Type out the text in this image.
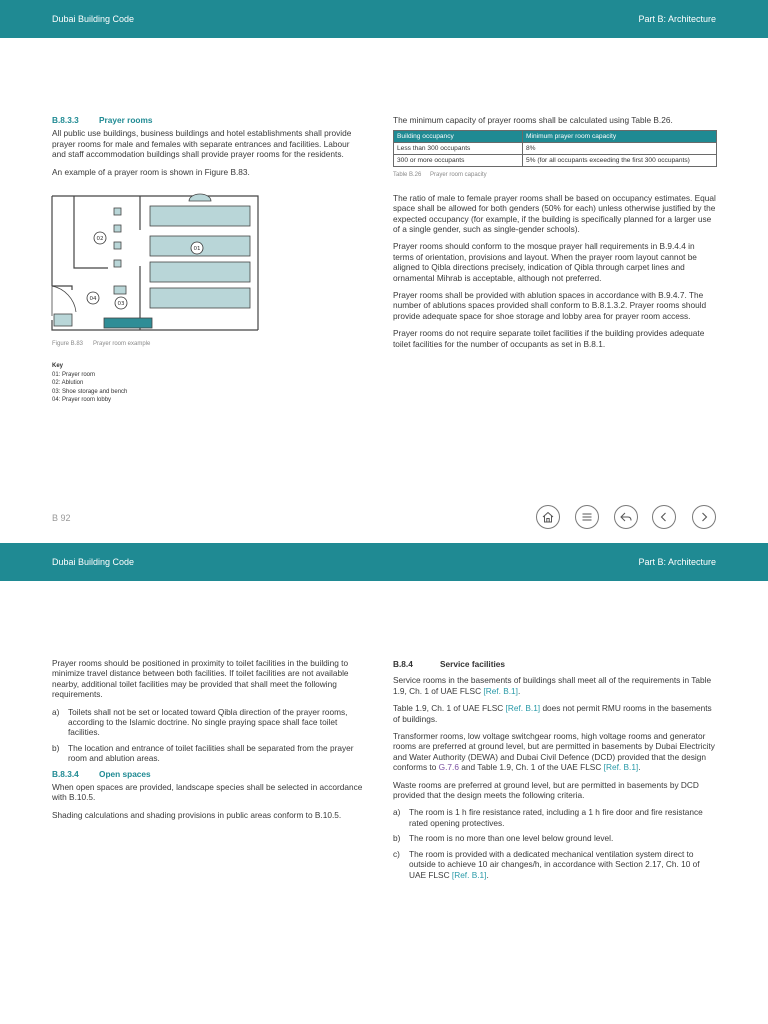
Dubai Building Code	Part B: Architecture
B.8.3.3 Prayer rooms

All public use buildings, business buildings and hotel establishments shall provide prayer rooms for male and females with separate entrances and facilities. Labour and staff accommodation buildings shall provide prayer rooms for the residents.

An example of a prayer room is shown in Figure B.83.

01
02
03
04
Figure B.83 Prayer room example
Key
01: Prayer room
02: Ablution
03: Shoe storage and bench
04: Prayer room lobby

The minimum capacity of prayer rooms shall be calculated using Table B.26.

Building occupancy	Minimum prayer room capacity
Less than 300 occupants	8%
300 or more occupants	5% (for all occupants exceeding the first 300 occupants)
Table B.26 Prayer room capacity

The ratio of male to female prayer rooms shall be based on occupancy estimates. Equal space shall be allowed for both genders (50% for each) unless otherwise justified by the expected occupancy (for example, if the building is specifically planned for a larger use of a single gender, such as single-gender schools).

Prayer rooms should conform to the mosque prayer hall requirements in B.9.4.4 in terms of orientation, provisions and layout. When the prayer room layout cannot be aligned to Qibla directions precisely, indication of Qibla through carpet lines and ornamental Mihrab is acceptable, although not preferred.

Prayer rooms shall be provided with ablution spaces in accordance with B.9.4.7. The number of ablutions spaces provided shall conform to B.8.1.3.2. Prayer rooms should provide adequate space for shoe storage and lobby area for prayer room access.

Prayer rooms do not require separate toilet facilities if the building provides adequate toilet facilities for the number of occupants as set in B.8.1.

B 92
Dubai Building Code	Part B: Architecture

Prayer rooms should be positioned in proximity to toilet facilities in the building to minimize travel distance between both facilities. If toilet facilities are not available nearby, additional toilet facilities may be provided that shall meet the following requirements.

a) Toilets shall not be set or located toward Qibla direction of the prayer rooms, according to the Islamic doctrine. No single praying space shall face toilet facilities.
b) The location and entrance of toilet facilities shall be separated from the prayer room and ablution areas.
B.8.3.4 Open spaces

When open spaces are provided, landscape species shall be selected in accordance with B.10.5.

Shading calculations and shading provisions in public areas conform to B.10.5.

B.8.4	Service facilities

Service rooms in the basements of buildings shall meet all of the requirements in Table 1.9, Ch. 1 of UAE FLSC [Ref. B.1].

Table 1.9, Ch. 1 of UAE FLSC [Ref. B.1] does not permit RMU rooms in the basements of buildings.

Transformer rooms, low voltage switchgear rooms, high voltage rooms and generator rooms are preferred at ground level, but are permitted in basements by Dubai Electricity and Water Authority (DEWA) and Dubai Civil Defence (DCD) provided that the design conforms to G.7.6 and Table 1.9, Ch. 1 of the UAE FLSC [Ref. B.1].

Waste rooms are preferred at ground level, but are permitted in basements by DCD provided that the design meets the following criteria.

a) The room is 1 h fire resistance rated, including a 1 h fire door and fire resistance rated opening protectives.
b) The room is no more than one level below ground level.
c) The room is provided with a dedicated mechanical ventilation system direct to outside to achieve 10 air changes/h, in accordance with Section 2.17, Ch. 10 of UAE FLSC [Ref. B.1].
